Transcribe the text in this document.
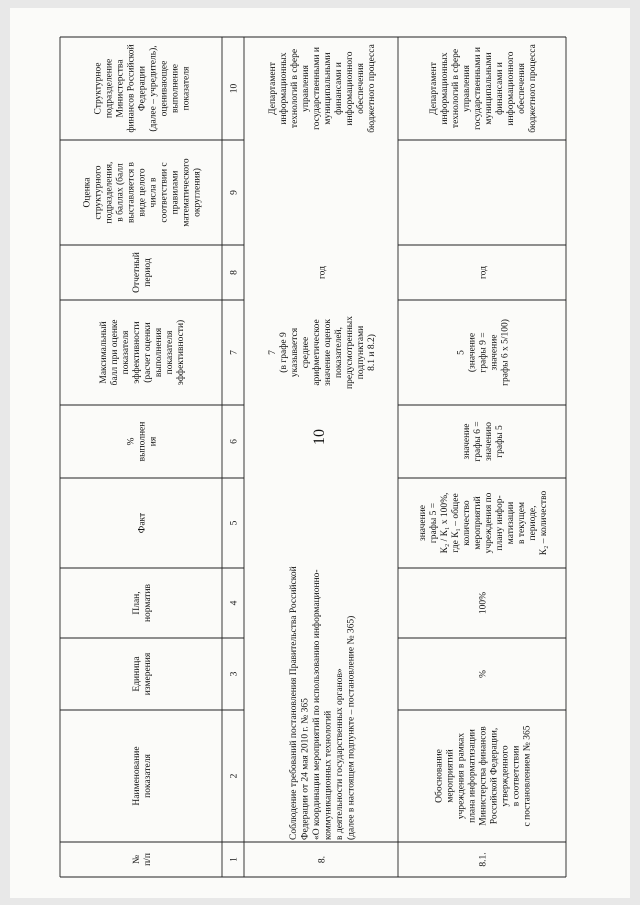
10
№ п/п
Наименование показателя
Единица измерения
План, норматив
Факт
% выполнен ия
Максимальный балл при оценке показателя эффективности (расчет оценки выполнения показателя эффективности)
Отчетный период
Оценка структурного подразделения, в баллах (балл выставляется в виде целого числа в соответствии с правилами математического округления)
Структурное подразделение Министерства финансов Российской Федерации (далее – учредитель), оценивающее выполнение показателя
1
2
3
4
5
6
7
8
9
10
8.
Соблюдение требований постановления Правительства Российской Федерации от 24 мая 2010 г. № 365 «О координации мероприятий по использованию информационно- коммуникационных технологий в деятельности государственных органов» (далее в настоящем подпункте – постановление № 365)
7 (в графе 9 указывается среднее арифметическое значение оценок показателей, предусмотренных подпунктами 8.1 и 8.2)
год
Департамент информационных технологий в сфере управления государственными и муниципальными финансами и информационного обеспечения бюджетного процесса
8.1.
Обоснование мероприятий учреждения в рамках плана информатизации Министерства финансов Российской Федерации, утвержденного в соответствии с постановлением № 365
%
100%
значение графы 5 = К₂ / К₁ x 100%, где К₁ – общее количество мероприятий учреждения по плану инфор- матизации в текущем периоде, К₂ – количество
значение графы 6 = значению графы 5
5 (значение графы 9 = значение графы 6 x 5/100)
год
Департамент информационных технологий в сфере управления государственными и муниципальными финансами и информационного обеспечения бюджетного процесса
